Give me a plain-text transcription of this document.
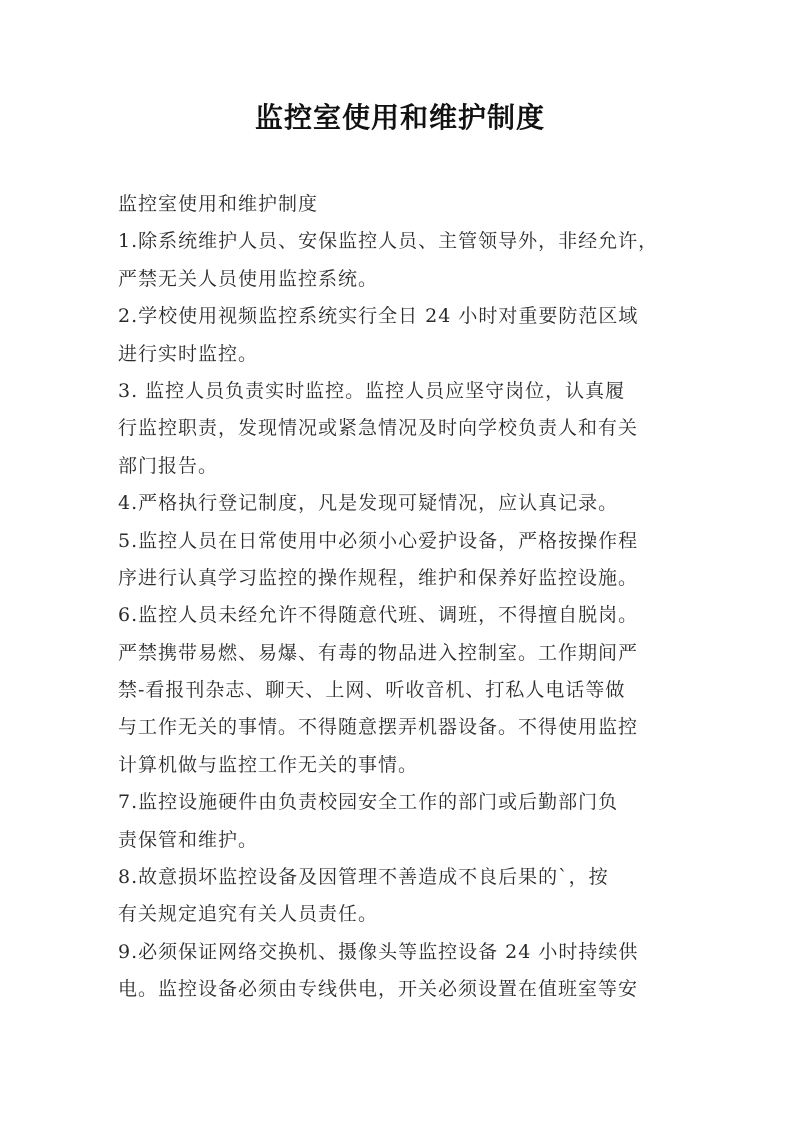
监控室使用和维护制度
监控室使用和维护制度
1.除系统维护人员、安保监控人员、主管领导外，非经允许，
严禁无关人员使用监控系统。
2.学校使用视频监控系统实行全日 24 小时对重要防范区域
进行实时监控。
3. 监控人员负责实时监控。监控人员应坚守岗位，认真履
行监控职责，发现情况或紧急情况及时向学校负责人和有关
部门报告。
4.严格执行登记制度，凡是发现可疑情况，应认真记录。
5.监控人员在日常使用中必须小心爱护设备，严格按操作程
序进行认真学习监控的操作规程，维护和保养好监控设施。
6.监控人员未经允许不得随意代班、调班，不得擅自脱岗。
严禁携带易燃、易爆、有毒的物品进入控制室。工作期间严
禁-看报刊杂志、聊天、上网、听收音机、打私人电话等做
与工作无关的事情。不得随意摆弄机器设备。不得使用监控
计算机做与监控工作无关的事情。
7.监控设施硬件由负责校园安全工作的部门或后勤部门负
责保管和维护。
8.故意损坏监控设备及因管理不善造成不良后果的`，按
有关规定追究有关人员责任。
9.必须保证网络交换机、摄像头等监控设备 24 小时持续供
电。监控设备必须由专线供电，开关必须设置在值班室等安
